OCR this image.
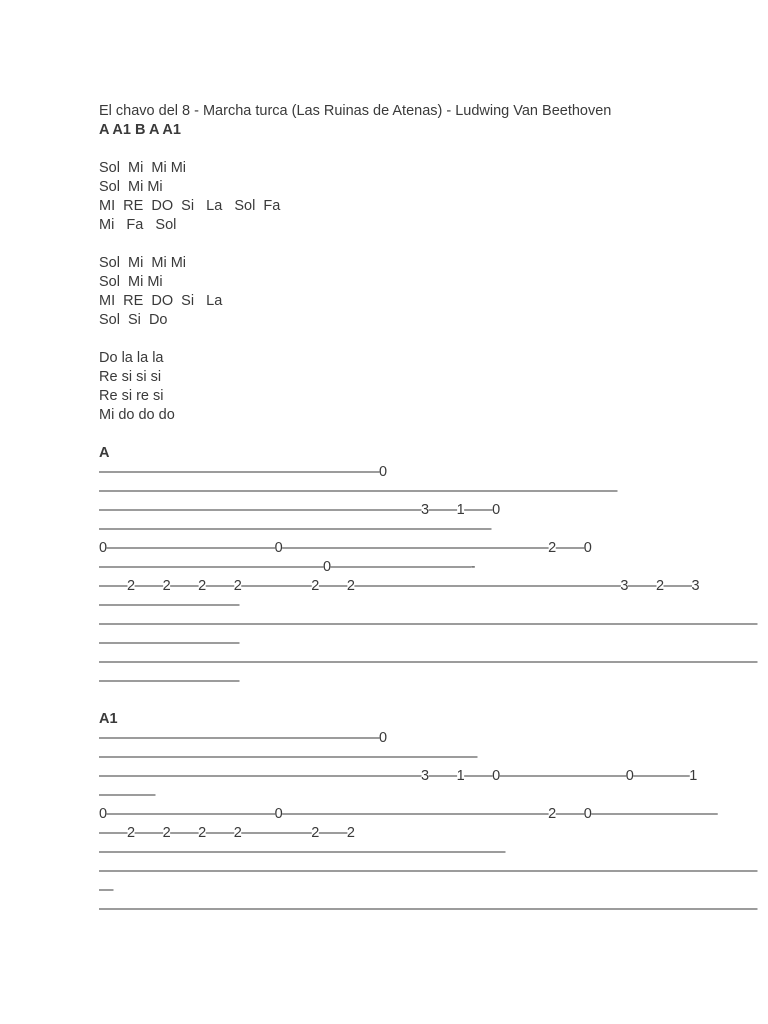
El chavo del 8 - Marcha turca (Las Ruinas de Atenas) - Ludwing Van Beethoven
A A1 B A A1
Sol  Mi  Mi Mi
Sol  Mi Mi
MI  RE  DO  Si   La   Sol  Fa
Mi   Fa   Sol
Sol  Mi  Mi Mi
Sol  Mi Mi
MI  RE  DO  Si   La
Sol  Si  Do
Do la la la
Re si si si
Re si re si
Mi do do do
A
————————————————————0
—————————————————————————————————————
———————————————————————3——1——0
————————————————————————————
0————————————0———————————————————2——0
————————————————0——————————-
——2——2——2——2—————2——2———————————————————3——2——3
——————————
———————————————————————————————————————————————
——————————
———————————————————————————————————————————————
——————————
A1
————————————————————0
———————————————————————————
———————————————————————3——1——0—————————0————1
————
0————————————0———————————————————2——0—————————
——2——2——2——2—————2——2
—————————————————————————————
———————————————————————————————————————————————
—
———————————————————————————————————————————————
